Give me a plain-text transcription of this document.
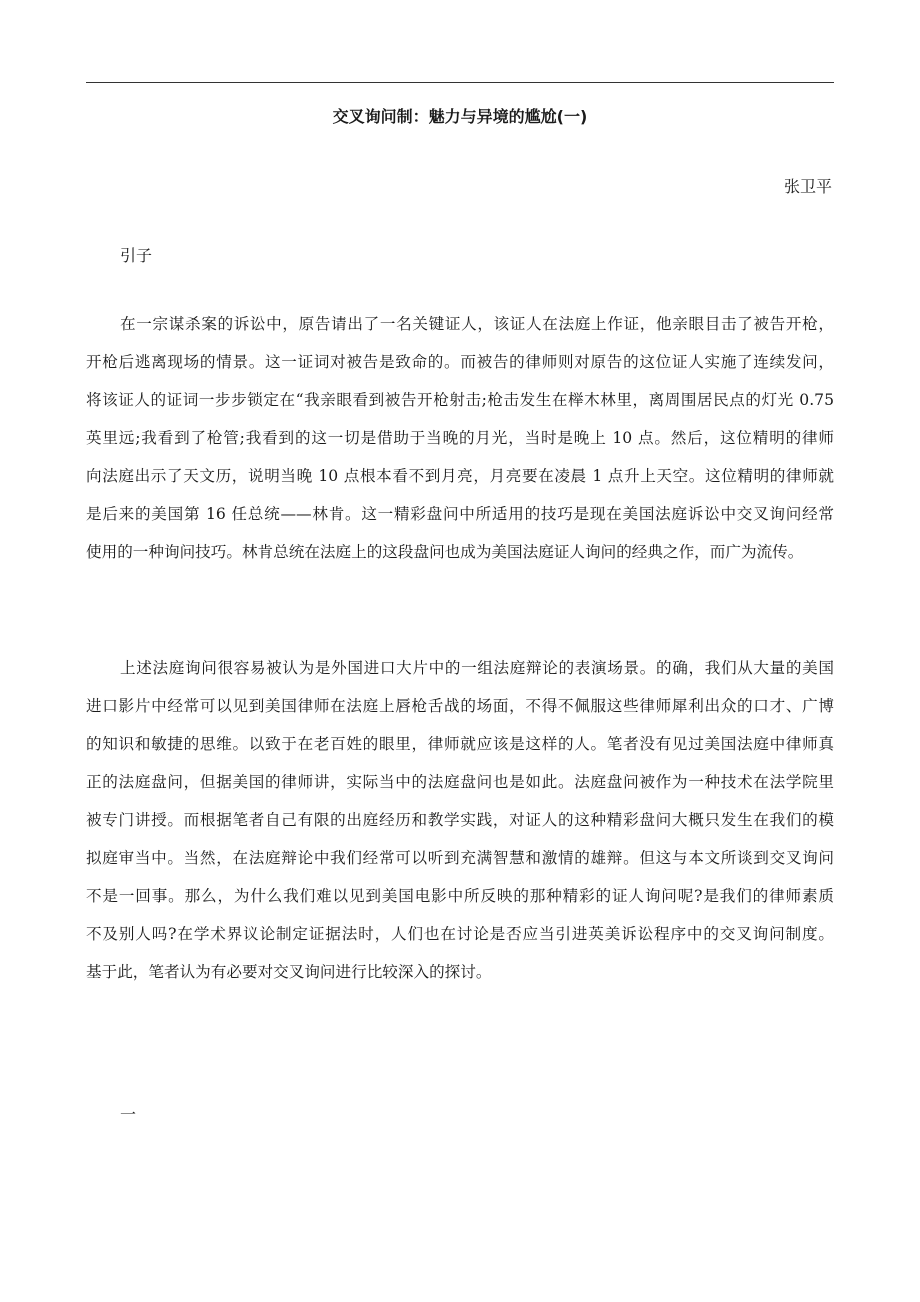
交叉询问制：魅力与异境的尴尬(一)
张卫平
引子
在一宗谋杀案的诉讼中，原告请出了一名关键证人，该证人在法庭上作证，他亲眼目击了被告开枪，
开枪后逃离现场的情景。这一证词对被告是致命的。而被告的律师则对原告的这位证人实施了连续发问，
将该证人的证词一步步锁定在“我亲眼看到被告开枪射击;枪击发生在榉木林里，离周围居民点的灯光 0.75
英里远;我看到了枪管;我看到的这一切是借助于当晚的月光，当时是晚上 10 点。然后，这位精明的律师
向法庭出示了天文历，说明当晚 10 点根本看不到月亮，月亮要在凌晨 1 点升上天空。这位精明的律师就
是后来的美国第 16 任总统——林肯。这一精彩盘问中所适用的技巧是现在美国法庭诉讼中交叉询问经常
使用的一种询问技巧。林肯总统在法庭上的这段盘问也成为美国法庭证人询问的经典之作，而广为流传。
上述法庭询问很容易被认为是外国进口大片中的一组法庭辩论的表演场景。的确，我们从大量的美国
进口影片中经常可以见到美国律师在法庭上唇枪舌战的场面，不得不佩服这些律师犀利出众的口才、广博
的知识和敏捷的思维。以致于在老百姓的眼里，律师就应该是这样的人。笔者没有见过美国法庭中律师真
正的法庭盘问，但据美国的律师讲，实际当中的法庭盘问也是如此。法庭盘问被作为一种技术在法学院里
被专门讲授。而根据笔者自己有限的出庭经历和教学实践，对证人的这种精彩盘问大概只发生在我们的模
拟庭审当中。当然，在法庭辩论中我们经常可以听到充满智慧和激情的雄辩。但这与本文所谈到交叉询问
不是一回事。那么，为什么我们难以见到美国电影中所反映的那种精彩的证人询问呢?是我们的律师素质
不及别人吗?在学术界议论制定证据法时，人们也在讨论是否应当引进英美诉讼程序中的交叉询问制度。
基于此，笔者认为有必要对交叉询问进行比较深入的探讨。
一
